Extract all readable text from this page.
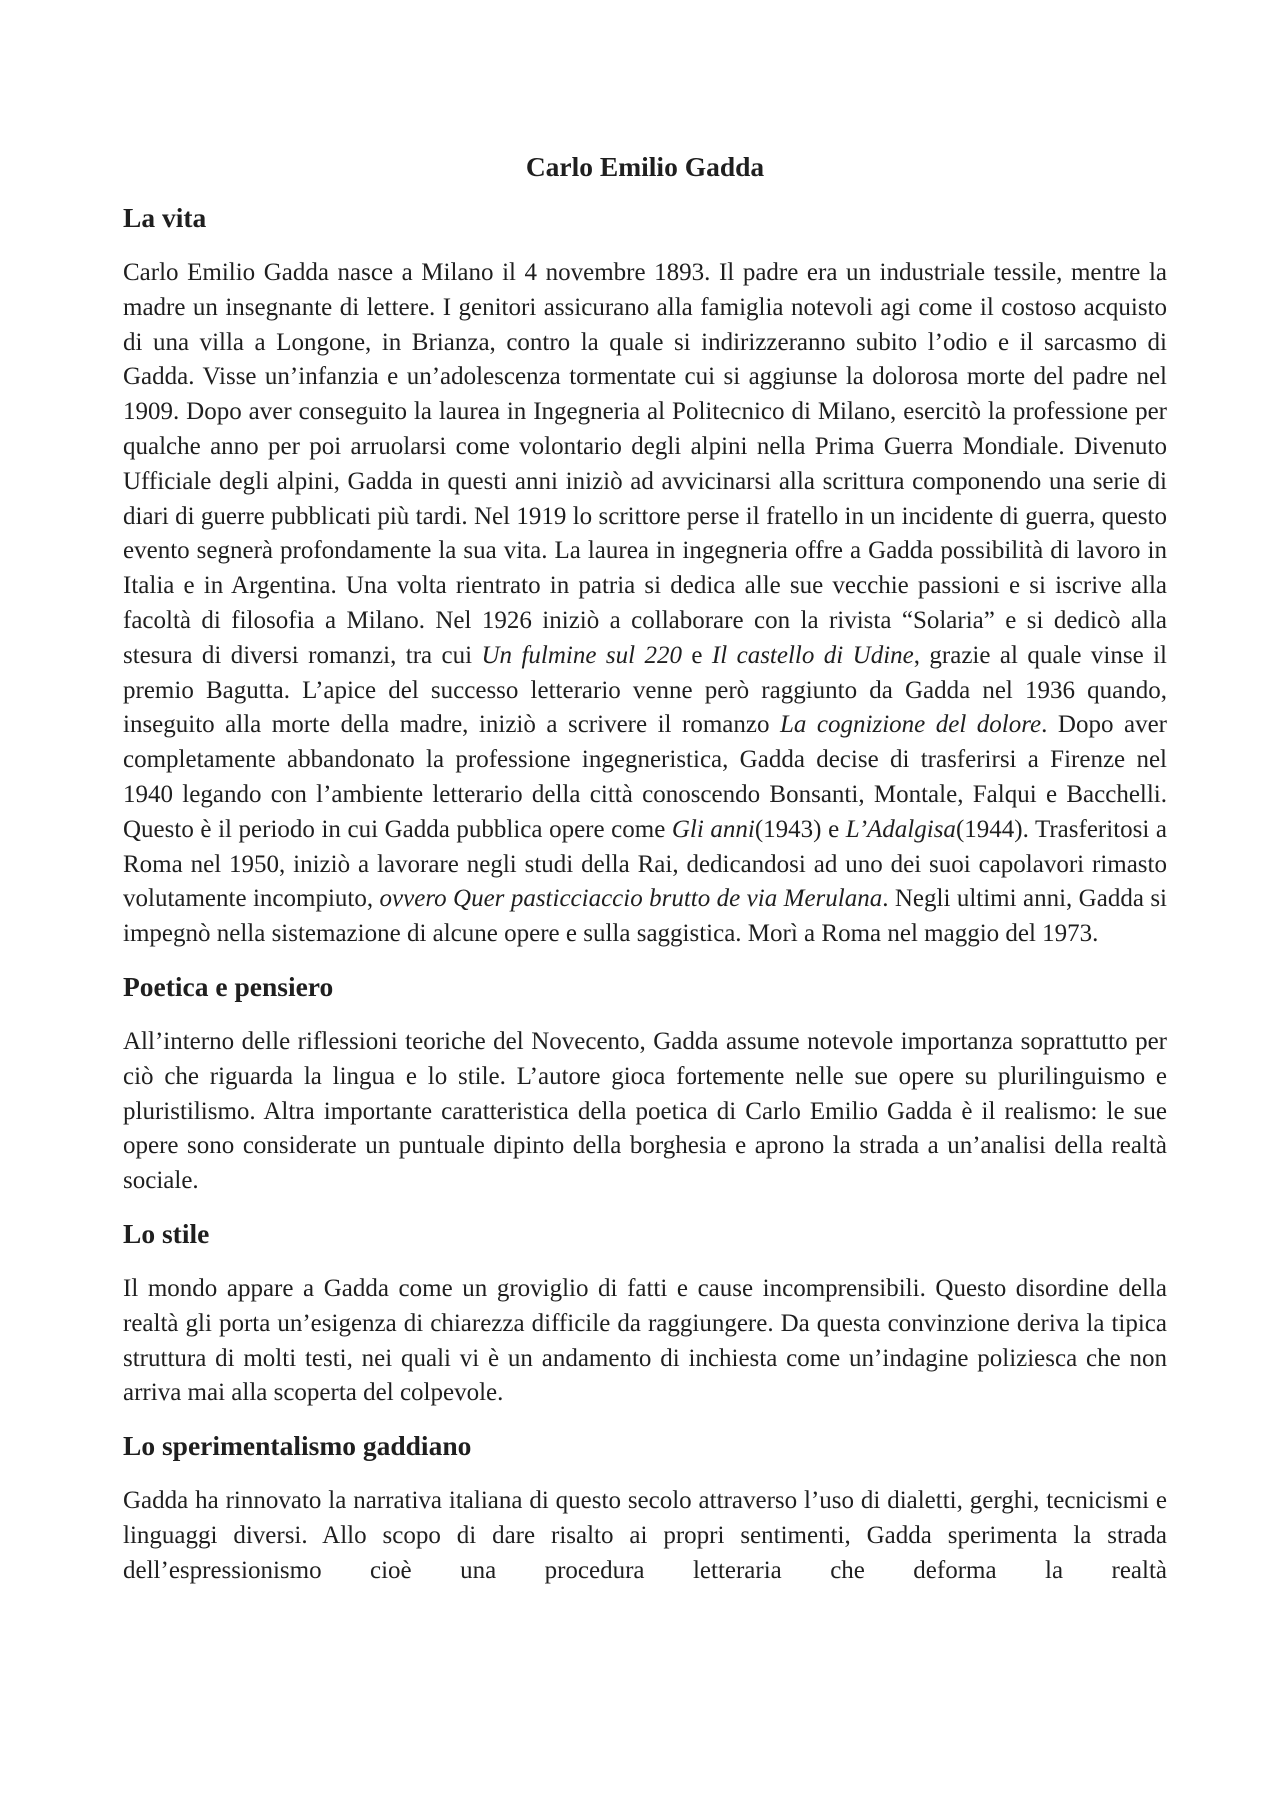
Carlo Emilio Gadda
La vita

Carlo Emilio Gadda nasce a Milano il 4 novembre 1893. Il padre era un industriale tessile, mentre la madre un insegnante di lettere. I genitori assicurano alla famiglia notevoli agi come il costoso acquisto di una villa a Longone, in Brianza, contro la quale si indirizzeranno subito l’odio e il sarcasmo di Gadda. Visse un’infanzia e un’adolescenza tormentate cui si aggiunse la dolorosa morte del padre nel 1909. Dopo aver conseguito la laurea in Ingegneria al Politecnico di Milano, esercitò la professione per qualche anno per poi arruolarsi come volontario degli alpini nella Prima Guerra Mondiale. Divenuto Ufficiale degli alpini, Gadda in questi anni iniziò ad avvicinarsi alla scrittura componendo una serie di diari di guerre pubblicati più tardi. Nel 1919 lo scrittore perse il fratello in un incidente di guerra, questo evento segnerà profondamente la sua vita. La laurea in ingegneria offre a Gadda possibilità di lavoro in Italia e in Argentina. Una volta rientrato in patria si dedica alle sue vecchie passioni e si iscrive alla facoltà di filosofia a Milano. Nel 1926 iniziò a collaborare con la rivista “Solaria” e si dedicò alla stesura di diversi romanzi, tra cui Un fulmine sul 220 e Il castello di Udine, grazie al quale vinse il premio Bagutta. L’apice del successo letterario venne però raggiunto da Gadda nel 1936 quando, inseguito alla morte della madre, iniziò a scrivere il romanzo La cognizione del dolore. Dopo aver completamente abbandonato la professione ingegneristica, Gadda decise di trasferirsi a Firenze nel 1940 legando con l’ambiente letterario della città conoscendo Bonsanti, Montale, Falqui e Bacchelli. Questo è il periodo in cui Gadda pubblica opere come Gli anni(1943) e L’Adalgisa(1944). Trasferitosi a Roma nel 1950, iniziò a lavorare negli studi della Rai, dedicandosi ad uno dei suoi capolavori rimasto volutamente incompiuto, ovvero Quer pasticciaccio brutto de via Merulana. Negli ultimi anni, Gadda si impegnò nella sistemazione di alcune opere e sulla saggistica. Morì a Roma nel maggio del 1973.

Poetica e pensiero

All’interno delle riflessioni teoriche del Novecento, Gadda assume notevole importanza soprattutto per ciò che riguarda la lingua e lo stile. L’autore gioca fortemente nelle sue opere su plurilinguismo e pluristilismo. Altra importante caratteristica della poetica di Carlo Emilio Gadda è il realismo: le sue opere sono considerate un puntuale dipinto della borghesia e aprono la strada a un’analisi della realtà sociale.

Lo stile

Il mondo appare a Gadda come un groviglio di fatti e cause incomprensibili. Questo disordine della realtà gli porta un’esigenza di chiarezza difficile da raggiungere. Da questa convinzione deriva la tipica struttura di molti testi, nei quali vi è un andamento di inchiesta come un’indagine poliziesca che non arriva mai alla scoperta del colpevole.

Lo sperimentalismo gaddiano

Gadda ha rinnovato la narrativa italiana di questo secolo attraverso l’uso di dialetti, gerghi, tecnicismi e linguaggi diversi. Allo scopo di dare risalto ai propri sentimenti, Gadda sperimenta la strada dell’espressionismo cioè una procedura letteraria che deforma la realtà
